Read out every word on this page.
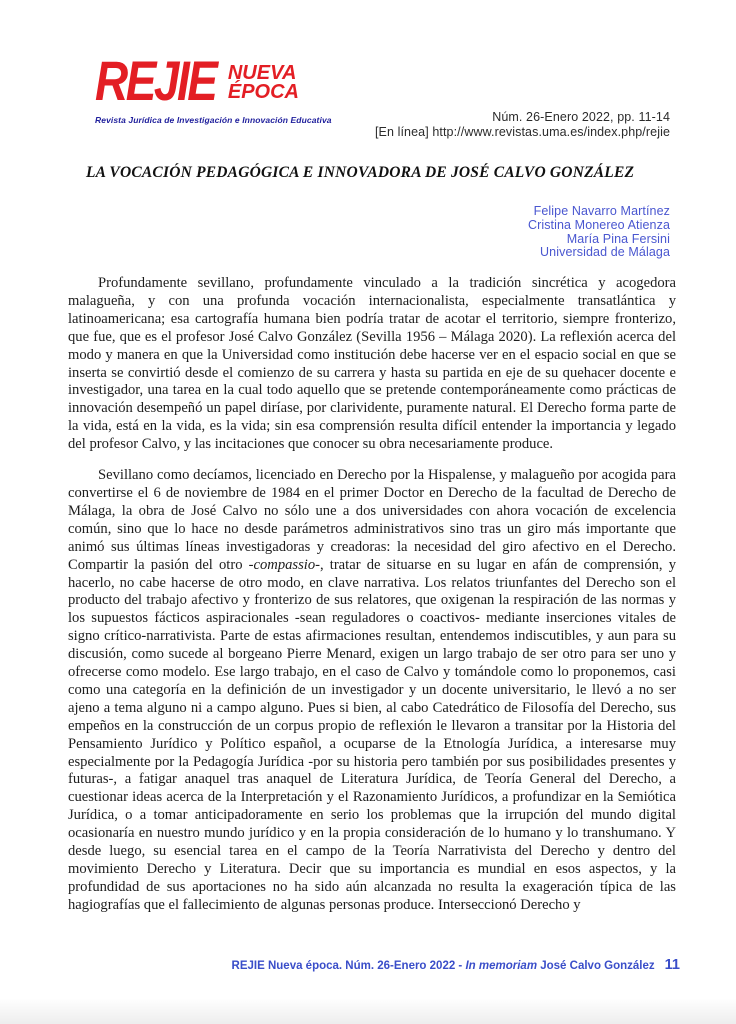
REJIE NUEVA
ÉPOCA
Revista Jurídica de Investigación e Innovación Educativa	Núm. 26-Enero 2022, pp. 11-14
[En línea] http://www.revistas.uma.es/index.php/rejie
LA VOCACIÓN PEDAGÓGICA E INNOVADORA DE JOSÉ CALVO GONZÁLEZ
Felipe Navarro Martínez
Cristina Monereo Atienza
María Pina Fersini
Universidad de Málaga

Profundamente sevillano, profundamente vinculado a la tradición sincrética y acogedora malagueña, y con una profunda vocación internacionalista, especialmente transatlántica y latinoamericana; esa cartografía humana bien podría tratar de acotar el territorio, siempre fronterizo, que fue, que es el profesor José Calvo González (Sevilla 1956 – Málaga 2020). La reflexión acerca del modo y manera en que la Universidad como institución debe hacerse ver en el espacio social en que se inserta se convirtió desde el comienzo de su carrera y hasta su partida en eje de su quehacer docente e investigador, una tarea en la cual todo aquello que se pretende contemporáneamente como prácticas de innovación desempeñó un papel diríase, por clarividente, puramente natural. El Derecho forma parte de la vida, está en la vida, es la vida; sin esa comprensión resulta difícil entender la importancia y legado del profesor Calvo, y las incitaciones que conocer su obra necesariamente produce.

Sevillano como decíamos, licenciado en Derecho por la Hispalense, y malagueño por acogida para convertirse el 6 de noviembre de 1984 en el primer Doctor en Derecho de la facultad de Derecho de Málaga, la obra de José Calvo no sólo une a dos universidades con ahora vocación de excelencia común, sino que lo hace no desde parámetros administrativos sino tras un giro más importante que animó sus últimas líneas investigadoras y creadoras: la necesidad del giro afectivo en el Derecho. Compartir la pasión del otro -compassio-, tratar de situarse en su lugar en afán de comprensión, y hacerlo, no cabe hacerse de otro modo, en clave narrativa. Los relatos triunfantes del Derecho son el producto del trabajo afectivo y fronterizo de sus relatores, que oxigenan la respiración de las normas y los supuestos fácticos aspiracionales -sean reguladores o coactivos- mediante inserciones vitales de signo crítico-narrativista. Parte de estas afirmaciones resultan, entendemos indiscutibles, y aun para su discusión, como sucede al borgeano Pierre Menard, exigen un largo trabajo de ser otro para ser uno y ofrecerse como modelo. Ese largo trabajo, en el caso de Calvo y tomándole como lo proponemos, casi como una categoría en la definición de un investigador y un docente universitario, le llevó a no ser ajeno a tema alguno ni a campo alguno. Pues si bien, al cabo Catedrático de Filosofía del Derecho, sus empeños en la construcción de un corpus propio de reflexión le llevaron a transitar por la Historia del Pensamiento Jurídico y Político español, a ocuparse de la Etnología Jurídica, a interesarse muy especialmente por la Pedagogía Jurídica -por su historia pero también por sus posibilidades presentes y futuras-, a fatigar anaquel tras anaquel de Literatura Jurídica, de Teoría General del Derecho, a cuestionar ideas acerca de la Interpretación y el Razonamiento Jurídicos, a profundizar en la Semiótica Jurídica, o a tomar anticipadoramente en serio los problemas que la irrupción del mundo digital ocasionaría en nuestro mundo jurídico y en la propia consideración de lo humano y lo transhumano. Y desde luego, su esencial tarea en el campo de la Teoría Narrativista del Derecho y dentro del movimiento Derecho y Literatura. Decir que su importancia es mundial en esos aspectos, y la profundidad de sus aportaciones no ha sido aún alcanzada no resulta la exageración típica de las hagiografías que el fallecimiento de algunas personas produce. Interseccionó Derecho y

REJIE Nueva época. Núm. 26-Enero 2022 - In memoriam José Calvo González 11
